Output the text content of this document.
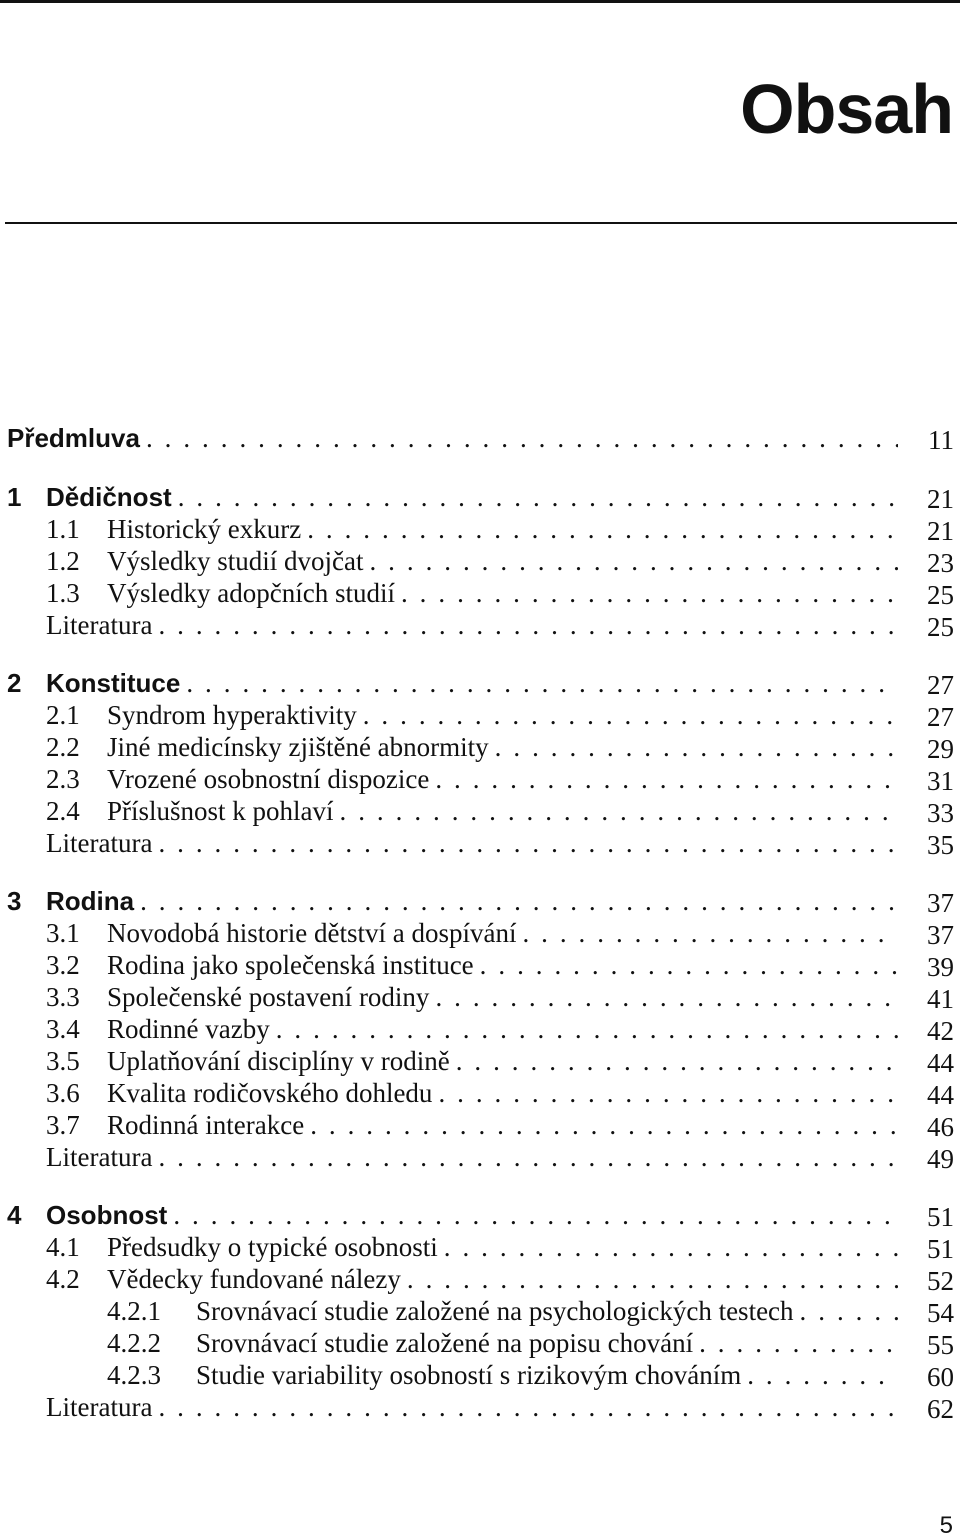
Obsah
Předmluva . . .	11
1 Dědičnost . . .	21
1.1	Historický exkurz . . .	21
1.2	Výsledky studií dvojčat . . .	23
1.3	Výsledky adopčních studií . . .	25
Literatura . . .	25
2 Konstituce . . .	27
2.1	Syndrom hyperaktivity . . .	27
2.2	Jiné medicínsky zjištěné abnormity . . .	29
2.3	Vrozené osobnostní dispozice . . .	31
2.4	Příslušnost k pohlaví . . .	33
Literatura . . .	35
3 Rodina . . .	37
3.1	Novodobá historie dětství a dospívání . . .	37
3.2	Rodina jako společenská instituce . . .	39
3.3	Společenské postavení rodiny . . .	41
3.4	Rodinné vazby . . .	42
3.5	Uplatňování disciplíny v rodině . . .	44
3.6	Kvalita rodičovského dohledu . . .	44
3.7	Rodinná interakce . . .	46
Literatura . . .	49
4 Osobnost . . .	51
4.1	Předsudky o typické osobnosti . . .	51
4.2	Vědecky fundované nálezy . . .	52
4.2.1	Srovnávací studie založené na psychologických testech . . .	54
4.2.2	Srovnávací studie založené na popisu chování . . .	55
4.2.3	Studie variability osobností s rizikovým chováním . . .	60
Literatura . . .	62
5
